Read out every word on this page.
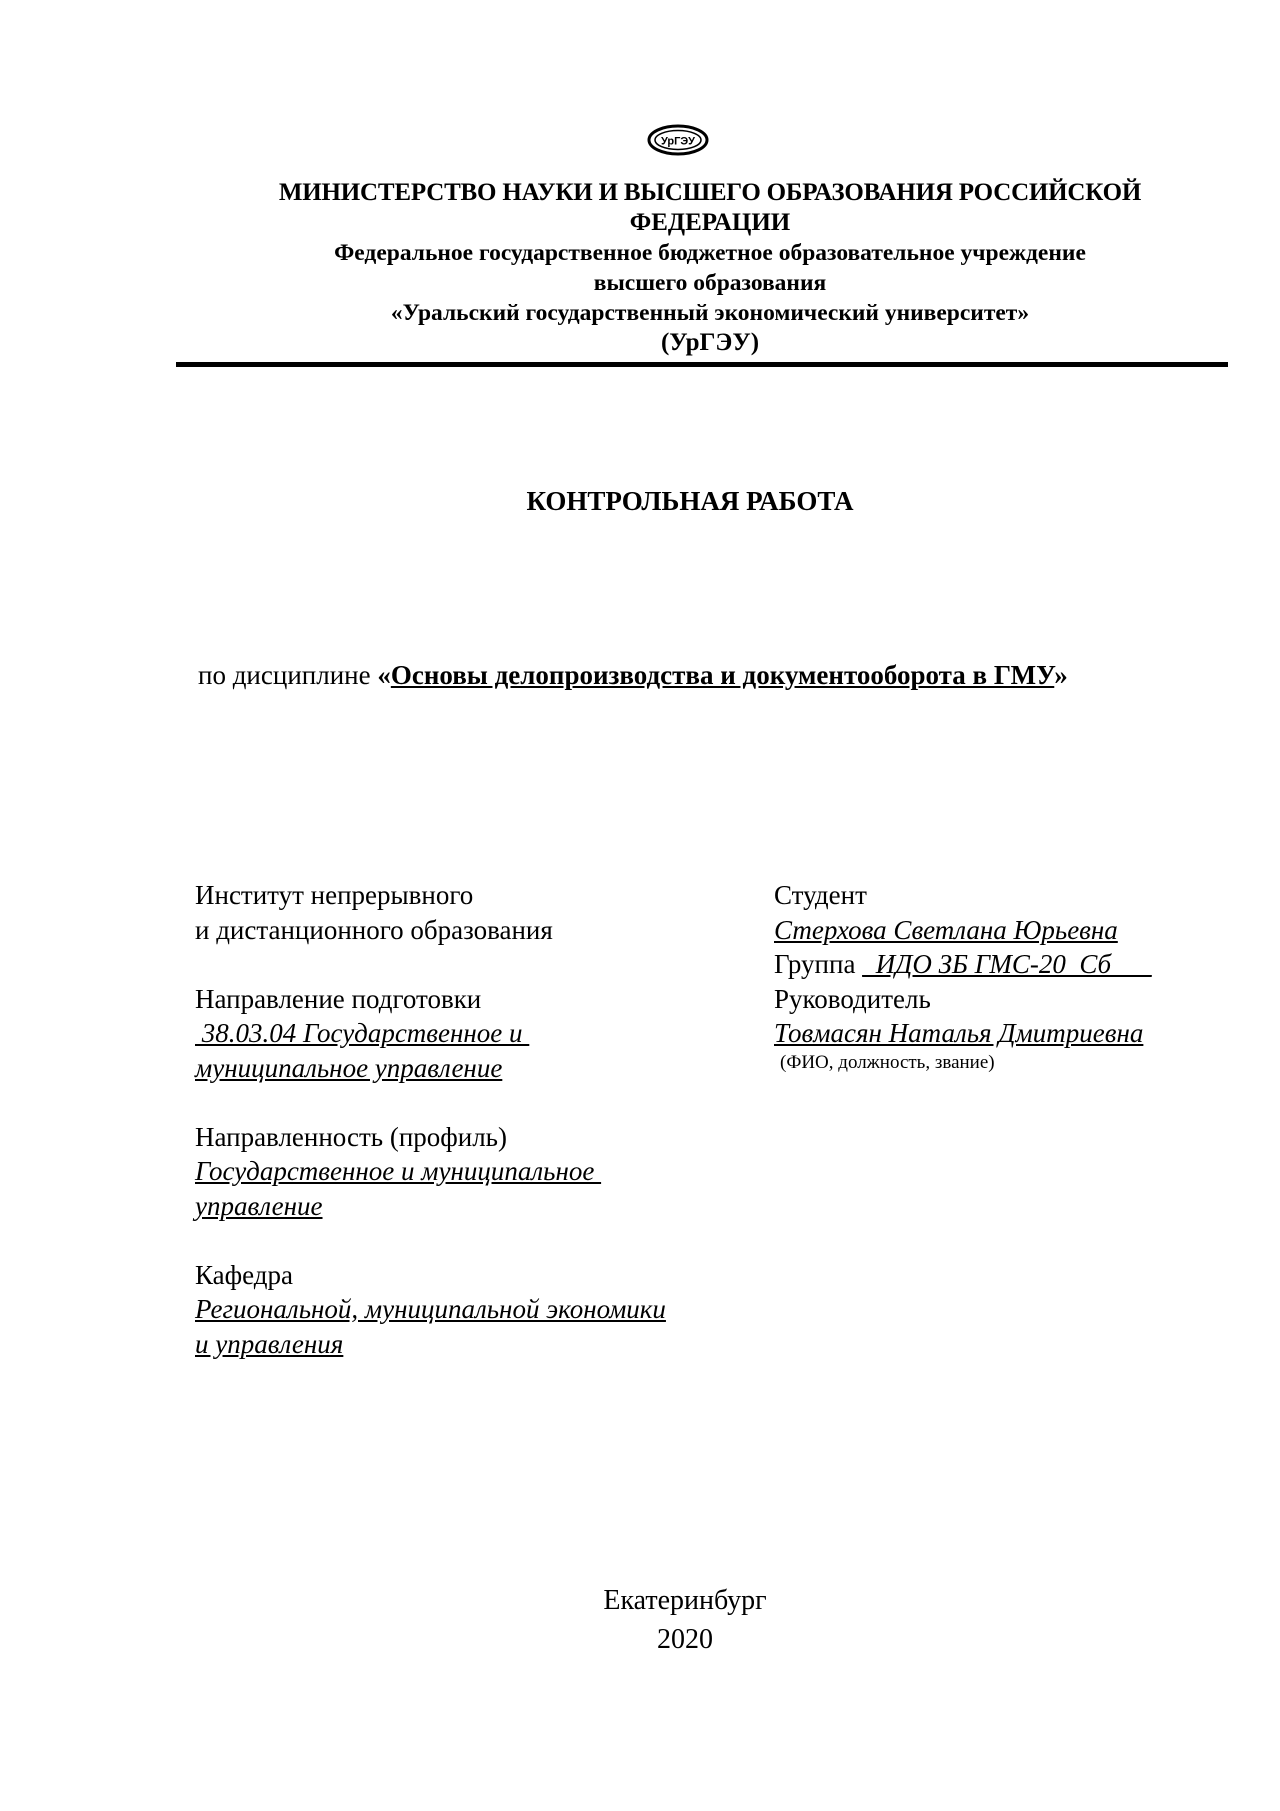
УрГЭУ
МИНИСТЕРСТВО НАУКИ И ВЫСШЕГО ОБРАЗОВАНИЯ РОССИЙСКОЙ
ФЕДЕРАЦИИ
Федеральное государственное бюджетное образовательное учреждение
высшего образования
«Уральский государственный экономический университет»
(УрГЭУ)
КОНТРОЛЬНАЯ РАБОТА
по дисциплине «Основы делопроизводства и документооборота в ГМУ»
Институт непрерывного
и дистанционного образования
Направление подготовки
38.03.04 Государственное и
муниципальное управление
Направленность (профиль)
Государственное и муниципальное
управление
Кафедра
Региональной, муниципальной экономики
и управления
Студент
Стерхова Светлана Юрьевна
Группа _ИДО ЗБ ГМС-20_Сб___
Руководитель
Товмасян Наталья Дмитриевна
(ФИО, должность, звание)
Екатеринбург
2020
